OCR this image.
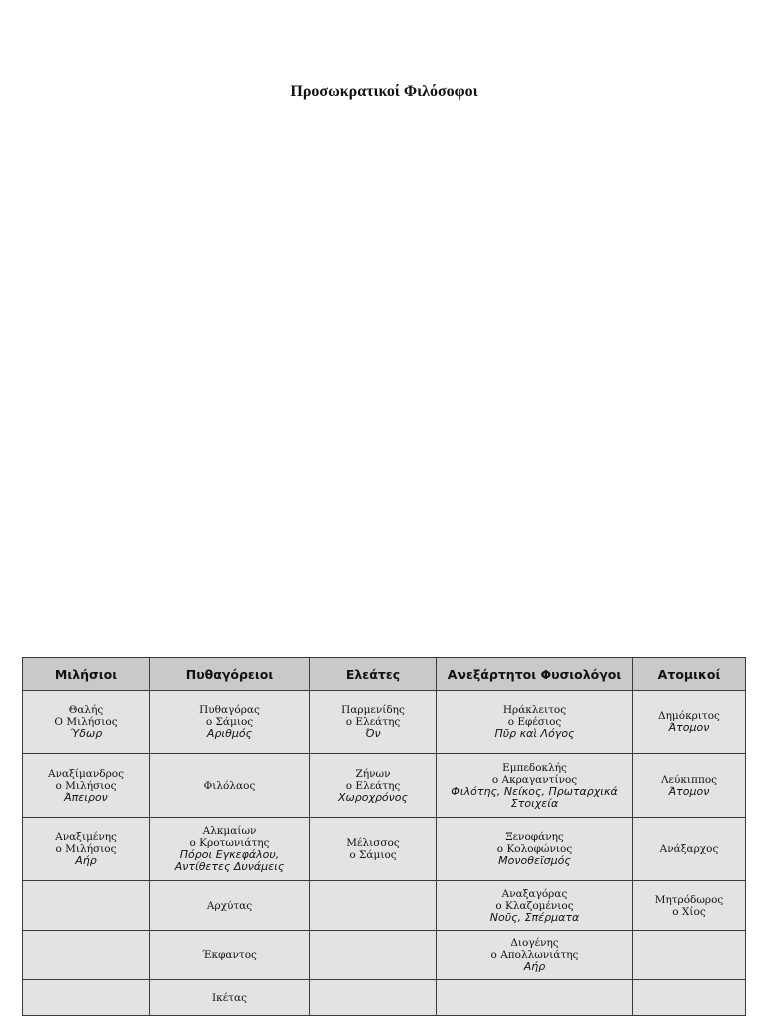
Προσωκρατικοί Φιλόσοφοι
Μιλήσιοι	Πυθαγόρειοι	Ελεάτες	Ανεξάρτητοι Φυσιολόγοι	Ατομικοί

Θαλής
Ο Μιλήσιος
Ύδωρ	Πυθαγόρας
ο Σάμιος
Αριθμός	Παρμενίδης
ο Ελεάτης
Όν	Ηράκλειτος
ο Εφέσιος
Πῦρ καὶ Λόγος	Δημόκριτος
Άτομον

Αναξίμανδρος
ο Μιλήσιος
Άπειρον	Φιλόλαος	Ζήνων
ο Ελεάτης
Χωροχρόνος	Εμπεδοκλής
ο Ακραγαντίνος
Φιλότης, Νείκος, Πρωταρχικά
Στοιχεία	Λεύκιππος
Άτομον

Αναξιμένης
ο Μιλήσιος
Αήρ	Αλκμαίων
ο Κροτωνιάτης
Πόροι Εγκεφάλου,
Αντίθετες Δυνάμεις	Μέλισσος
ο Σάμιος	Ξενοφάνης
ο Κολοφώνιος
Μονοθεϊσμός	Ανάξαρχος

	Αρχύτας		Αναξαγόρας
ο Κλαζομένιος
Νοῦς, Σπέρματα	Μητρόδωρος
ο Χίος

	Έκφαντος		Διογένης
ο Απολλωνιάτης
Αήρ	

	Ικέτας			
